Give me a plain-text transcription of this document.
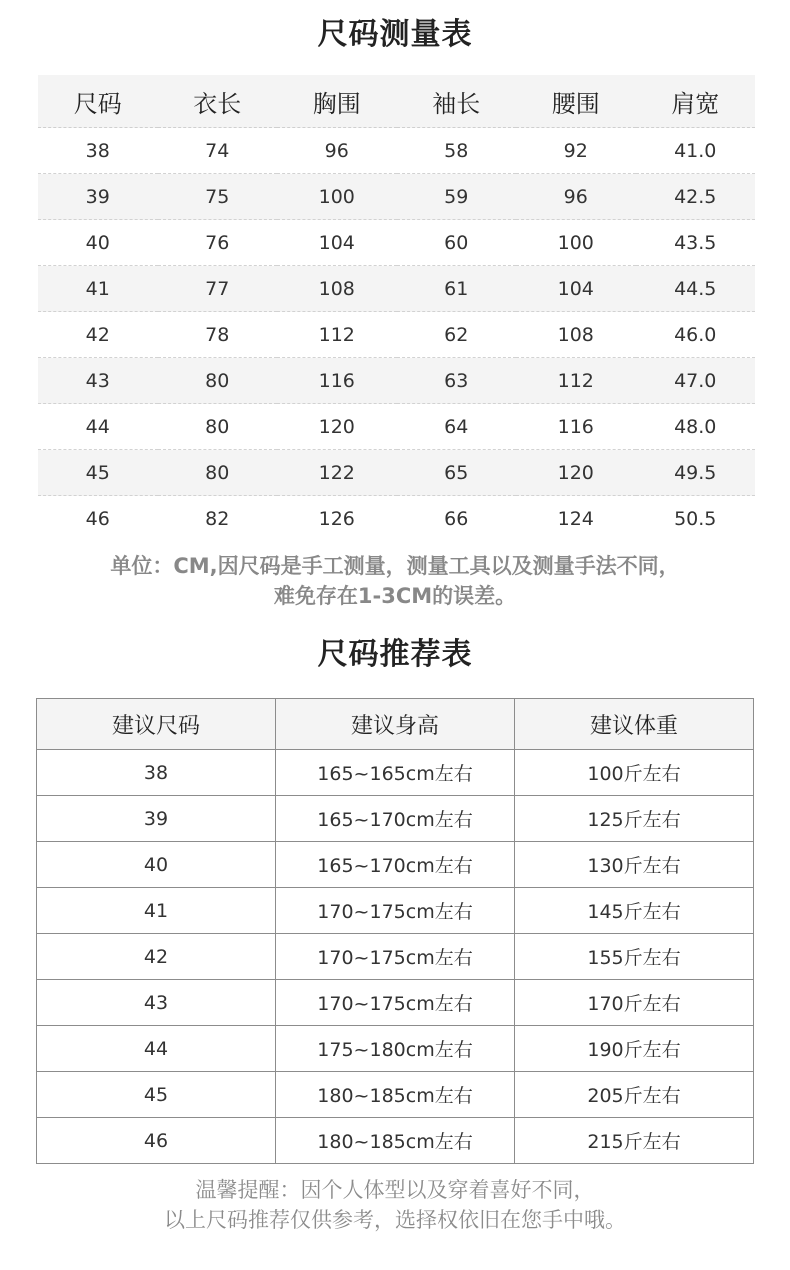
尺码测量表
尺码	衣长	胸围	袖长	腰围	肩宽
38	74	96	58	92	41.0
39	75	100	59	96	42.5
40	76	104	60	100	43.5
41	77	108	61	104	44.5
42	78	112	62	108	46.0
43	80	116	63	112	47.0
44	80	120	64	116	48.0
45	80	122	65	120	49.5
46	82	126	66	124	50.5
单位：CM,因尺码是手工测量，测量工具以及测量手法不同，
难免存在1-3CM的误差。
尺码推荐表
建议尺码	建议身高	建议体重
38	165~165cm左右	100斤左右
39	165~170cm左右	125斤左右
40	165~170cm左右	130斤左右
41	170~175cm左右	145斤左右
42	170~175cm左右	155斤左右
43	170~175cm左右	170斤左右
44	175~180cm左右	190斤左右
45	180~185cm左右	205斤左右
46	180~185cm左右	215斤左右
温馨提醒：因个人体型以及穿着喜好不同，
以上尺码推荐仅供参考，选择权依旧在您手中哦。
